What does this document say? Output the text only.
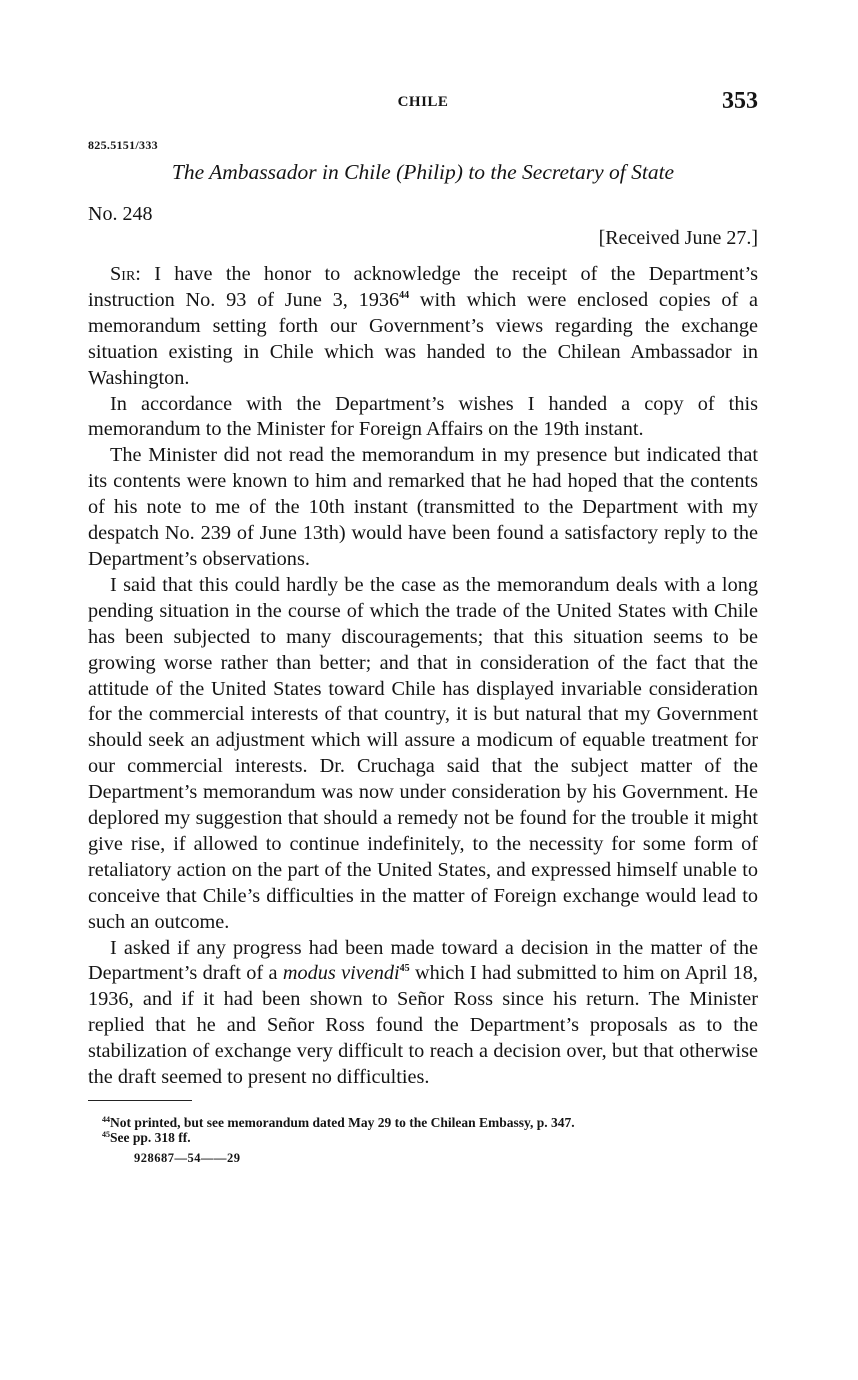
CHILE	353
825.5151/333
The Ambassador in Chile (Philip) to the Secretary of State
No. 248
[Received June 27.]

Sir: I have the honor to acknowledge the receipt of the Department’s instruction No. 93 of June 3, 1936$^{44}$ with which were enclosed copies of a memorandum setting forth our Government’s views regarding the exchange situation existing in Chile which was handed to the Chilean Ambassador in Washington.

In accordance with the Department’s wishes I handed a copy of this memorandum to the Minister for Foreign Affairs on the 19th instant.

The Minister did not read the memorandum in my presence but indicated that its contents were known to him and remarked that he had hoped that the contents of his note to me of the 10th instant (transmitted to the Department with my despatch No. 239 of June 13th) would have been found a satisfactory reply to the Department’s observations.

I said that this could hardly be the case as the memorandum deals with a long pending situation in the course of which the trade of the United States with Chile has been subjected to many discouragements; that this situation seems to be growing worse rather than better; and that in consideration of the fact that the attitude of the United States toward Chile has displayed invariable consideration for the commercial interests of that country, it is but natural that my Government should seek an adjustment which will assure a modicum of equable treatment for our commercial interests. Dr. Cruchaga said that the subject matter of the Department’s memorandum was now under consideration by his Government. He deplored my suggestion that should a remedy not be found for the trouble it might give rise, if allowed to continue indefinitely, to the necessity for some form of retaliatory action on the part of the United States, and expressed himself unable to conceive that Chile’s difficulties in the matter of Foreign exchange would lead to such an outcome.

I asked if any progress had been made toward a decision in the matter of the Department’s draft of a modus vivendi$^{45}$ which I had submitted to him on April 18, 1936, and if it had been shown to Señor Ross since his return. The Minister replied that he and Señor Ross found the Department’s proposals as to the stabilization of exchange very difficult to reach a decision over, but that otherwise the draft seemed to present no difficulties.

$^{44}$Not printed, but see memorandum dated May 29 to the Chilean Embassy, p. 347.

$^{45}$See pp. 318 ff.

928687—54——29
